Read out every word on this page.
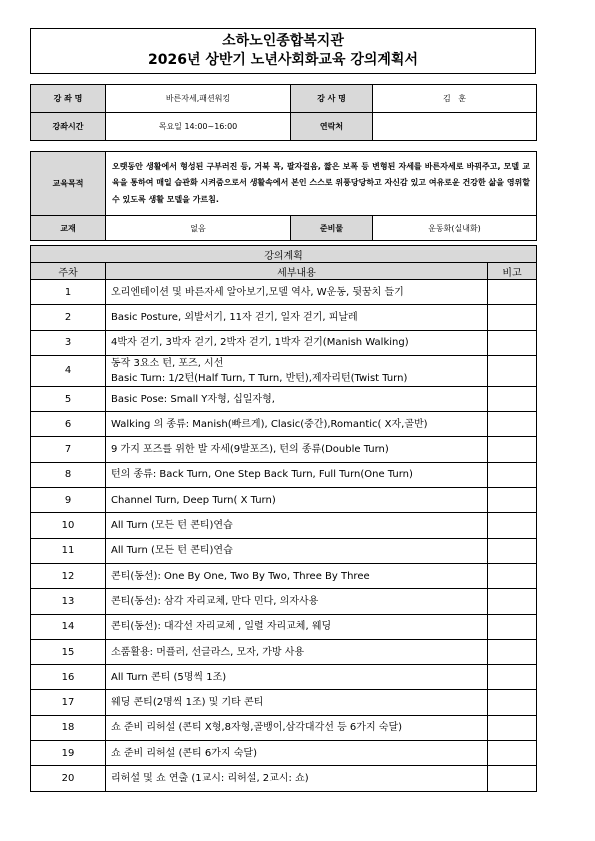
소하노인종합복지관
2026년 상반기 노년사회화교육 강의계획서
강 좌 명	바른자세,패션워킹	강 사 명	김   훈
강좌시간	목요일 14:00~16:00	연락처	
교육목적	오랫동안 생활에서 형성된 구부러진 등, 거북 목, 팔자걸음, 짧은 보폭 등 변형된 자세를 바른자세로 바꿔주고, 모델 교육을 통하여 매일 습관화 시켜줌으로서 생활속에서 본인 스스로 위풍당당하고 자신감 있고 여유로운 건강한 삶을 영위할 수 있도록 생활 모델을 가르침.		
교재	없음	준비물	운동화(실내화)
강의계획		
주차	세부내용	비고
1	오리엔테이션 및 바른자세 알아보기,모델 역사, W운동, 뒷꿈치 들기	
2	Basic Posture, 외발서기, 11자 걷기, 일자 걷기, 피날레	
3	4박자 걷기, 3박자 걷기, 2박자 걷기, 1박자 걷기(Manish Walking)	
4	동작 3요소 턴, 포즈, 시선
Basic Turn: 1/2턴(Half Turn, T Turn, 반턴),제자리턴(Twist Turn)	

5	Basic Pose: Small Y자형, 십일자형,	
6	Walking 의 종류: Manish(빠르게), Clasic(중간),Romantic( X자,골반)	
7	9 가지 포즈를 위한 발 자세(9발포즈), 턴의 종류(Double Turn)	
8	턴의 종류: Back Turn, One Step Back Turn, Full Turn(One Turn)	
9	Channel Turn, Deep Turn( X Turn)	
10	All Turn (모든 턴 콘티)연습	
11	All Turn (모든 턴 콘티)연습	
12	콘티(동선): One By One, Two By Two, Three By Three	
13	콘티(동선): 삼각 자리교체, 만다 민다, 의자사용	
14	콘티(동선): 대각선 자리교체 , 일렬 자리교체, 웨딩	
15	소품활용: 머플러, 선글라스, 모자, 가방 사용	
16	All Turn 콘티 (5명씩 1조)	
17	웨딩 콘티(2명씩 1조) 및 기타 콘티	
18	쇼 준비 리허설 (콘티 X형,8자형,골뱅이,삼각대각선 등 6가지 숙달)	
19	쇼 준비 리허설 (콘티 6가지 숙달)	
20	리허설 및 쇼 연출 (1교시: 리허설, 2교시: 쇼)	
